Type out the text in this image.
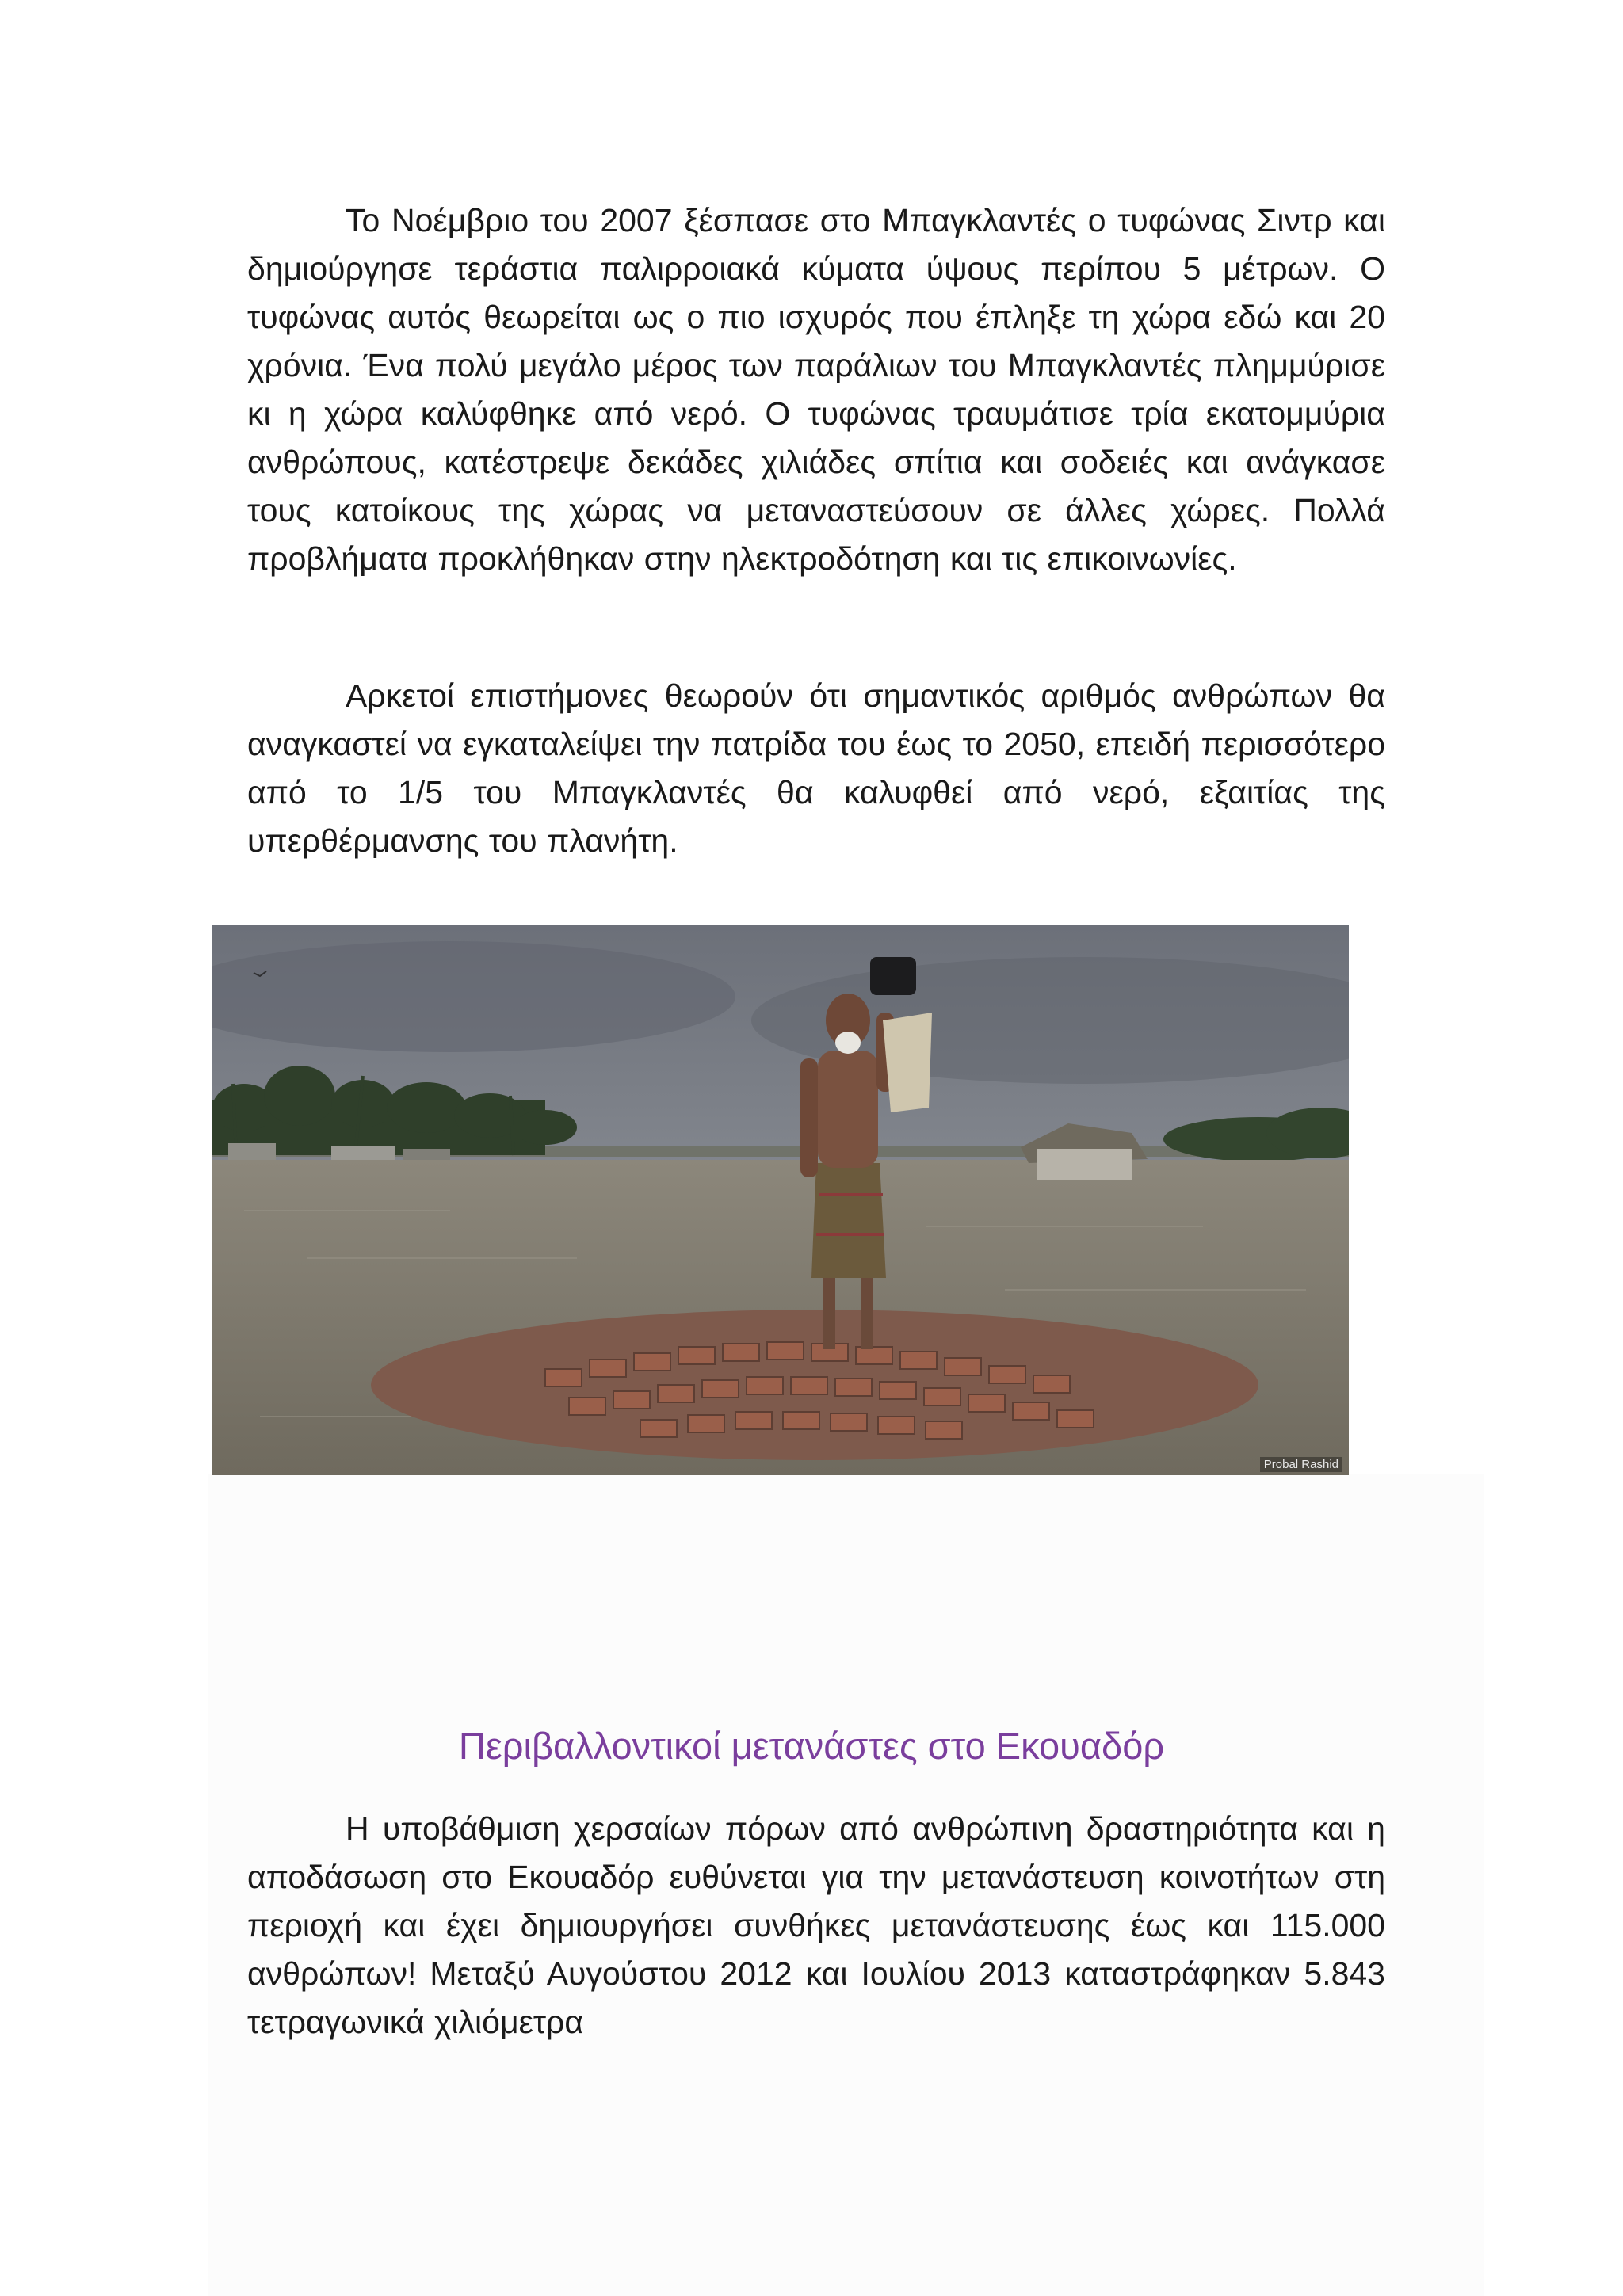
Το Νοέμβριο του 2007 ξέσπασε στο Μπαγκλαντές ο τυφώνας Σιντρ και δημιούργησε τεράστια παλιρροιακά κύματα ύψους περίπου 5 μέτρων. Ο τυφώνας αυτός θεωρείται ως ο πιο ισχυρός που έπληξε τη χώρα εδώ και 20 χρόνια. Ένα πολύ μεγάλο μέρος των παράλιων του Μπαγκλαντές πλημμύρισε κι η χώρα καλύφθηκε από νερό. Ο τυφώνας τραυμάτισε τρία εκατομμύρια ανθρώπους, κατέστρεψε δεκάδες χιλιάδες σπίτια και σοδειές και ανάγκασε τους κατοίκους της χώρας να μεταναστεύσουν σε άλλες χώρες. Πολλά προβλήματα προκλήθηκαν στην ηλεκτροδότηση και τις επικοινωνίες.

Αρκετοί επιστήμονες θεωρούν ότι σημαντικός αριθμός ανθρώπων θα αναγκαστεί να εγκαταλείψει την πατρίδα του έως το 2050, επειδή περισσότερο από το 1/5 του Μπαγκλαντές θα καλυφθεί από νερό, εξαιτίας της υπερθέρμανσης του πλανήτη.

Probal Rashid
Περιβαλλοντικοί μετανάστες στο Εκουαδόρ

Η υποβάθμιση χερσαίων πόρων από ανθρώπινη δραστηριότητα και η αποδάσωση στο Εκουαδόρ ευθύνεται για την μετανάστευση κοινοτήτων στη περιοχή και έχει δημιουργήσει συνθήκες μετανάστευσης έως και 115.000 ανθρώπων! Μεταξύ Αυγούστου 2012 και Ιουλίου 2013 καταστράφηκαν 5.843 τετραγωνικά χιλιόμετρα
